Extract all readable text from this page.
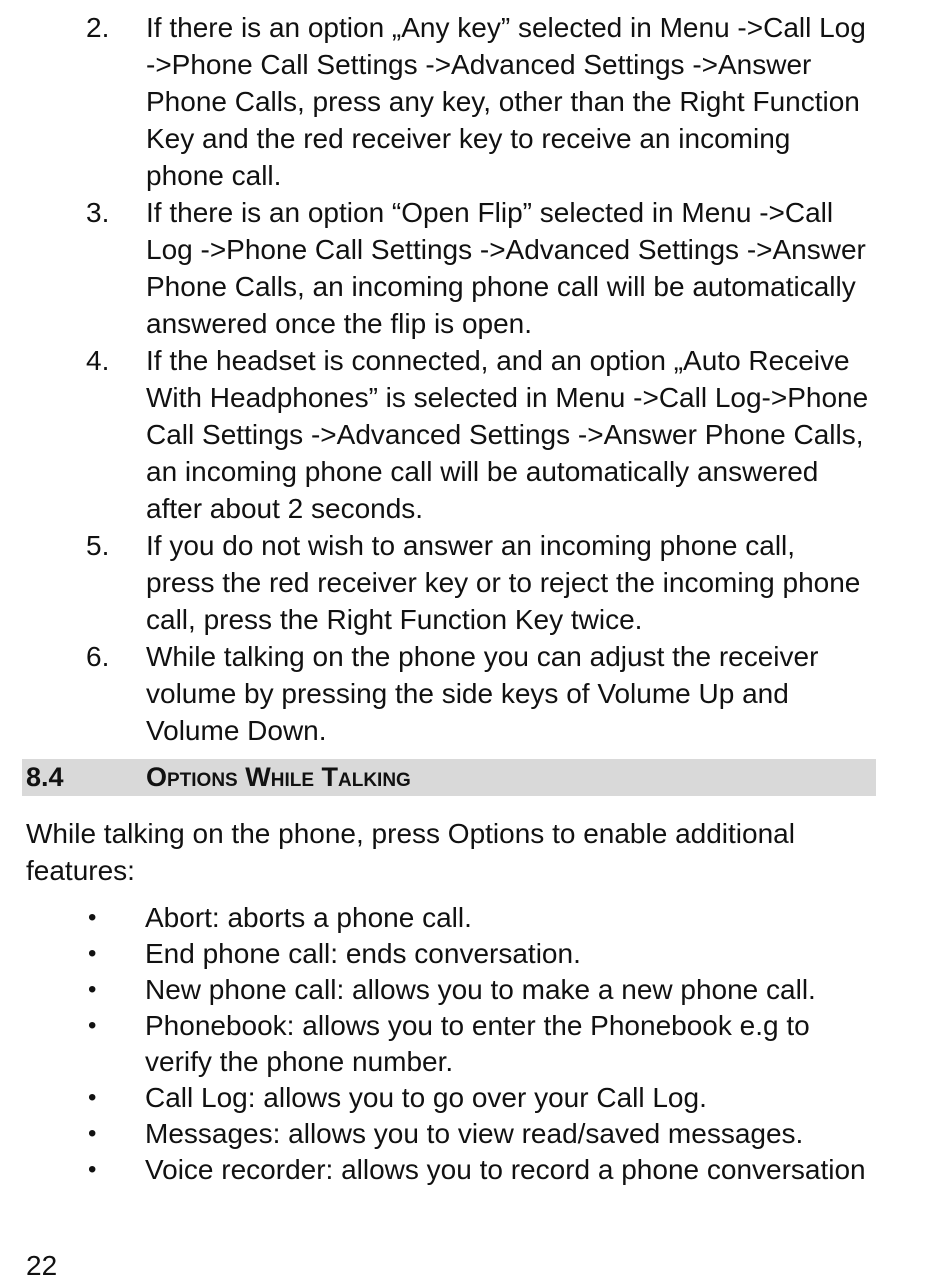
2. If there is an option „Any key” selected in Menu ->Call Log ->Phone Call Settings ->Advanced Settings ->Answer Phone Calls, press any key, other than the Right Function Key and the red receiver key to receive an incoming phone call.
3. If there is an option “Open Flip” selected in Menu ->Call Log ->Phone Call Settings ->Advanced Settings ->Answer Phone Calls, an incoming phone call will be automatically answered once the flip is open.
4. If the headset is connected, and an option „Auto Receive With Headphones” is selected in Menu ->Call Log->Phone Call Settings ->Advanced Settings ->Answer Phone Calls, an incoming phone call will be automatically answered after about 2 seconds.
5. If you do not wish to answer an incoming phone call, press the red receiver key or to reject the incoming phone call, press the Right Function Key twice.
6. While talking on the phone you can adjust the receiver volume by pressing the side keys of Volume Up and Volume Down.
8.4	Options While Talking
While talking on the phone, press Options to enable additional features:
• Abort: aborts a phone call.
• End phone call: ends conversation.
• New phone call: allows you to make a new phone call.
• Phonebook: allows you to enter the Phonebook e.g to verify the phone number.
• Call Log: allows you to go over your Call Log.
• Messages: allows you to view read/saved messages.
• Voice recorder: allows you to record a phone conversation
22
